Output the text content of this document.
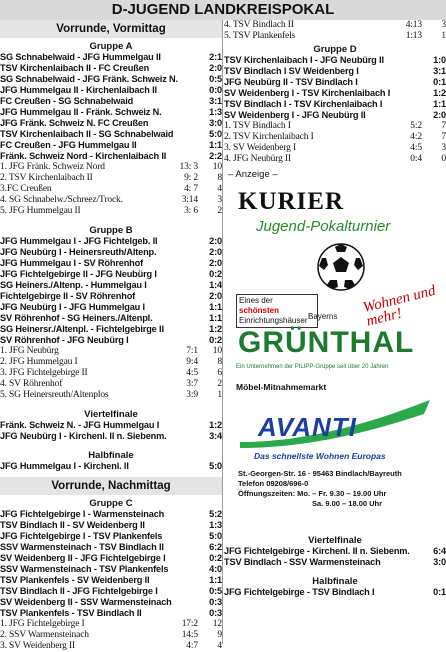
D-JUGEND LANDKREISPOKAL
Vorrunde, Vormittag
Gruppe A
SG Schnabelwaid - JFG Hummelgau II	2:1
TSV Kirchenlaibach II - FC Creußen	2:0
SG Schnabelwaid - JFG Fränk. Schweiz N.	0:5
JFG Hummelgau II - Kirchenlaibach II	0:0
FC Creußen - SG Schnabelwaid	3:1
JFG Hummelgau II - Fränk. Schweiz N.	1:3
JFG Fränk. Schweiz N. FC Creußen	3:0
TSV Kirchenlaibach II - SG Schnabelwaid	5:0
FC Creußen - JFG Hummelgau II	1:1
Fränk. Schweiz Nord - Kirchenlaibach II	2:2
1. JFG Fränk. Schweiz Nord	13: 3	10
2. TSV Kirchenlaibach II	9: 2	8
3.FC Creußen	4: 7	4
4. SG Schnabelw./Schreez/Trock.	3:14	3
5. JFG Hummelgau II	3: 6	2
Gruppe B
JFG Hummelgau I - JFG Fichtelgeb. II	2:0
JFG Neubürg I - Heinersreuth/Altenp.	2:0
JFG Hummelgau I - SV Röhrenhof	2:0
JFG Fichtelgebirge II - JFG Neubürg I	0:2
SG Heiners./Altenp. - Hummelgau I	1:4
Fichtelgebirge II - SV Röhrenhof	2:0
JFG Neubürg I - JFG Hummelgau I	1:1
SV Röhrenhof - SG Heiners./Altenpl.	1:1
SG Heinersr./Altenpl. - Fichtelgebirge II	1:2
SV Röhrenhof - JFG Neubürg I	0:2
1. JFG Neubürg	7:1	10
2. JFG Hummelgau I	9:4	8
3. JFG Fichtelgebirge II	4:5	6
4. SV Röhrenhof	3:7	2
5. SG Heinersreuth/Altenplos	3:9	1
Viertelfinale
Fränk. Schweiz N. - JFG Hummelgau I	1:2
JFG Neubürg I - Kirchenl. II n. Siebenm.	3:4
Halbfinale
JFG Hummelgau I - Kirchenl. II	5:0
Vorrunde, Nachmittag
Gruppe C
JFG Fichtelgebirge I - Warmensteinach	5:2
TSV Bindlach II - SV Weidenberg II	1:3
JFG Fichtelgebirge I - TSV Plankenfels	5:0
SSV Warmensteinach - TSV Bindlach II	6:2
SV Weidenberg II - JFG Fichtelgebirge I	0:2
SSV Warmensteinach - TSV Plankenfels	4:0
TSV Plankenfels - SV Weidenberg II	1:1
TSV Bindlach II - JFG Fichtelgebirge I	0:5
SV Weidenberg II - SSV Warmensteinach	0:3
TSV Plankenfels - TSV Bindlach II	0:3
1. JFG Fichtelgebirge I	17:2	12
2. SSV Warmensteinach	14:5	9
3. SV Weidenberg II	4:7	4
4. TSV Bindlach II	4:13	3
5. TSV Plankenfels	1:13	1
Gruppe D
TSV Kirchenlaibach I - JFG Neubürg II	1:0
TSV Bindlach I SV Weidenberg I	3:1
JFG Neubürg II - TSV Bindlach I	0:1
SV Weidenberg I - TSV Kirchenlaibach I	1:2
TSV Bindlach I - TSV Kirchenlaibach I	1:1
SV Weidenberg I - JFG Neubürg II	2:0
1. TSV Bindlach I	5:2	7
2. TSV Kirchenlaibach I	4:2	7
3. SV Weidenberg I	4:5	3
4. JFG Neubürg II	0:4	0
– Anzeige –
KURIER
Jugend-Pokalturnier
Eines der schönsten
Einrichtungshäuser Bayerns
Wohnen und mehr!
GRÜNTHAL
Ein Unternehmen der PILIPP-Gruppe seit über 20 Jahren
Möbel-Mitnahmemarkt
AVANTI
Das schnellste Wohnen Europas
St.-Georgen-Str. 16 · 95463 Bindlach/Bayreuth
Telefon 09208/696-0
Öffnungszeiten: Mo. – Fr. 9.30 – 19.00 Uhr
Sa. 9.00 – 18.00 Uhr
Viertelfinale
JFG Fichtelgebirge - Kirchenl. II n. Siebenm.	6:4
TSV Bindlach - SSV Warmensteinach	3:0
Halbfinale
JFG Fichtelgebirge - TSV Bindlach I	0:1
